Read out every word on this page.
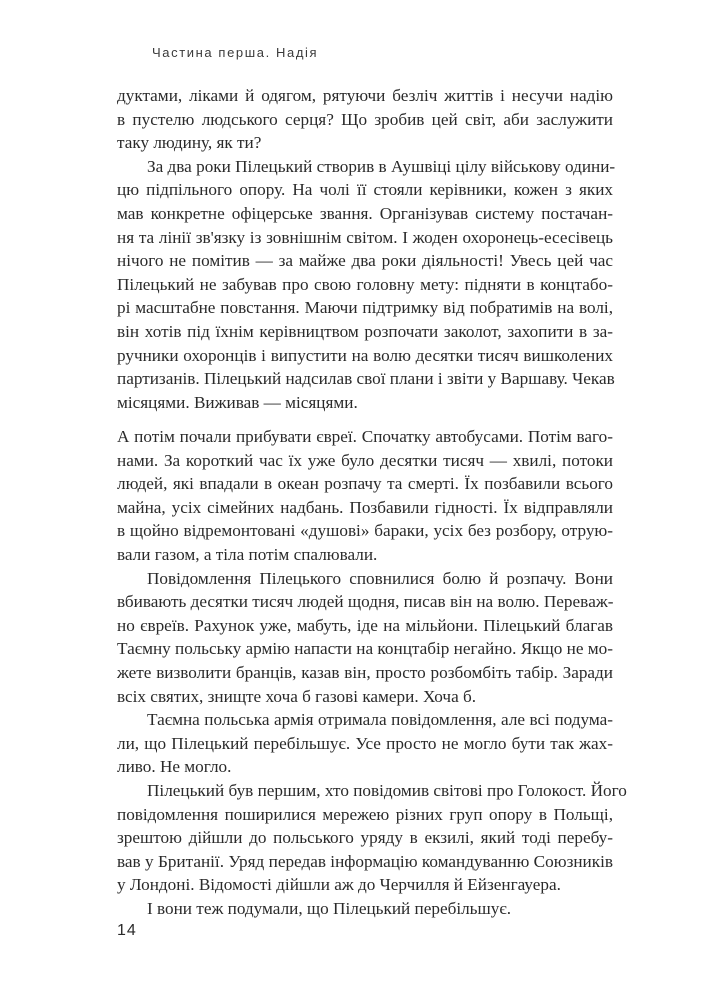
Частина перша. Надія
дуктами, ліками й одягом, рятуючи безліч життів і несучи надію
в пустелю людського серця? Що зробив цей світ, аби заслужити
таку людину, як ти?
За два роки Пілецький створив в Аушвіці цілу військову одини-
цю підпільного опору. На чолі її стояли керівники, кожен з яких
мав конкретне офіцерське звання. Організував систему постачан-
ня та лінії зв'язку із зовнішнім світом. І жоден охоронець-есесівець
нічого не помітив — за майже два роки діяльності! Увесь цей час
Пілецький не забував про свою головну мету: підняти в концтабо-
рі масштабне повстання. Маючи підтримку від побратимів на волі,
він хотів під їхнім керівництвом розпочати заколот, захопити в за-
ручники охоронців і випустити на волю десятки тисяч вишколених
партизанів. Пілецький надсилав свої плани і звіти у Варшаву. Чекав
місяцями. Виживав — місяцями.
А потім почали прибувати євреї. Спочатку автобусами. Потім ваго-
нами. За короткий час їх уже було десятки тисяч — хвилі, потоки
людей, які впадали в океан розпачу та смерті. Їх позбавили всього
майна, усіх сімейних надбань. Позбавили гідності. Їх відправляли
в щойно відремонтовані «душові» бараки, усіх без розбору, отрую-
вали газом, а тіла потім спалювали.
Повідомлення Пілецького сповнилися болю й розпачу. Вони
вбивають десятки тисяч людей щодня, писав він на волю. Перевaж-
но євреїв. Рахунок уже, мабуть, іде на мільйони. Пілецький благав
Таємну польську армію напасти на концтабір негайно. Якщо не мо-
жете визволити бранців, казав він, просто розбомбіть табір. Заради
всіх святих, знищте хоча б газові камери. Хоча б.
Таємна польська армія отримала повідомлення, але всі подума-
ли, що Пілецький перебільшує. Усе просто не могло бути так жах-
ливо. Не могло.
Пілецький був першим, хто повідомив світові про Голокост. Його
повідомлення поширилися мережею різних груп опору в Польщі,
зрештою дійшли до польського уряду в екзилі, який тоді перебу-
вав у Британії. Уряд передав інформацію командуванню Союзників
у Лондоні. Відомості дійшли аж до Черчилля й Ейзенгауера.
І вони теж подумали, що Пілецький перебільшує.
14
